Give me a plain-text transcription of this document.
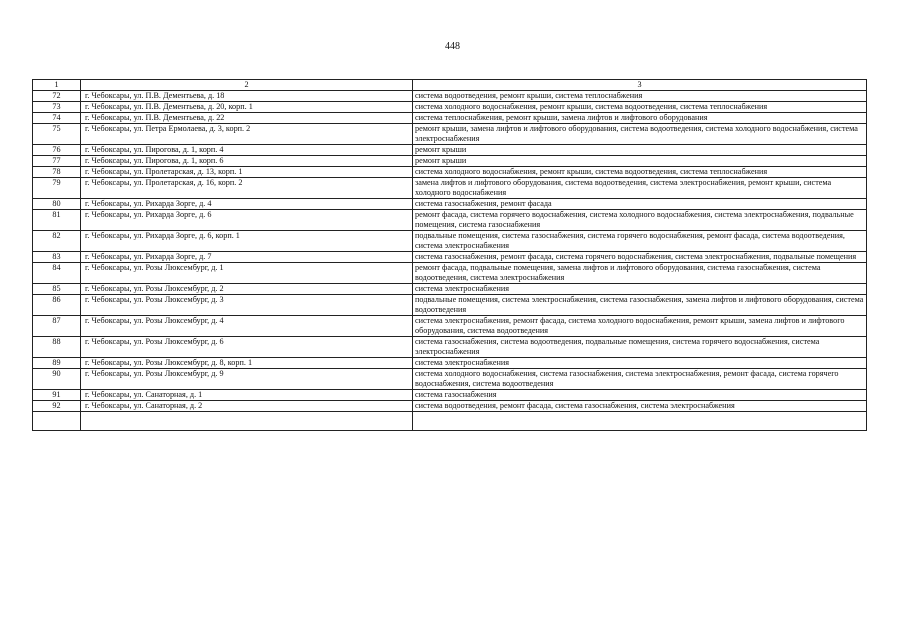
448
1	2	3
72	г. Чебоксары, ул. П.В. Дементьева, д. 18	система водоотведения, ремонт крыши, система теплоснабжения
73	г. Чебоксары, ул. П.В. Дементьева, д. 20, корп. 1	система холодного водоснабжения, ремонт крыши, система водоотведения, система теплоснабжения
74	г. Чебоксары, ул. П.В. Дементьева, д. 22	система теплоснабжения, ремонт крыши, замена лифтов и лифтового оборудования
75	г. Чебоксары, ул. Петра Ермолаева, д. 3, корп. 2	ремонт крыши, замена лифтов и лифтового оборудования, система водоотведения, система холодного водоснабжения, система электроснабжения
76	г. Чебоксары, ул. Пирогова, д. 1, корп. 4	ремонт крыши
77	г. Чебоксары, ул. Пирогова, д. 1, корп. 6	ремонт крыши
78	г. Чебоксары, ул. Пролетарская, д. 13, корп. 1	система холодного водоснабжения, ремонт крыши, система водоотведения, система теплоснабжения
79	г. Чебоксары, ул. Пролетарская, д. 16, корп. 2	замена лифтов и лифтового оборудования, система водоотведения, система электроснабжения, ремонт крыши, система холодного водоснабжения
80	г. Чебоксары, ул. Рихарда Зорге, д. 4	система газоснабжения, ремонт фасада
81	г. Чебоксары, ул. Рихарда Зорге, д. 6	ремонт фасада, система горячего водоснабжения, система холодного водоснабжения, система электроснабжения, подвальные помещения, система газоснабжения
82	г. Чебоксары, ул. Рихарда Зорге, д. 6, корп. 1	подвальные помещения, система газоснабжения, система горячего водоснабжения, ремонт фасада, система водоотведения, система электроснабжения
83	г. Чебоксары, ул. Рихарда Зорге, д. 7	система газоснабжения, ремонт фасада, система горячего водоснабжения, система электроснабжения, подвальные помещения
84	г. Чебоксары, ул. Розы Люксембург, д. 1	ремонт фасада, подвальные помещения, замена лифтов и лифтового оборудования, система газоснабжения, система водоотведения, система электроснабжения
85	г. Чебоксары, ул. Розы Люксембург, д. 2	система электроснабжения
86	г. Чебоксары, ул. Розы Люксембург, д. 3	подвальные помещения, система электроснабжения, система газоснабжения, замена лифтов и лифтового оборудования, система водоотведения
87	г. Чебоксары, ул. Розы Люксембург, д. 4	система электроснабжения, ремонт фасада, система холодного водоснабжения, ремонт крыши, замена лифтов и лифтового оборудования, система водоотведения
88	г. Чебоксары, ул. Розы Люксембург, д. 6	система газоснабжения, система водоотведения, подвальные помещения, система горячего водоснабжения, система электроснабжения
89	г. Чебоксары, ул. Розы Люксембург, д. 8, корп. 1	система электроснабжения
90	г. Чебоксары, ул. Розы Люксембург, д. 9	система холодного водоснабжения, система газоснабжения, система электроснабжения, ремонт фасада, система горячего водоснабжения, система водоотведения
91	г. Чебоксары, ул. Санаторная, д. 1	система газоснабжения
92	г. Чебоксары, ул. Санаторная, д. 2	система водоотведения, ремонт фасада, система газоснабжения, система электроснабжения
